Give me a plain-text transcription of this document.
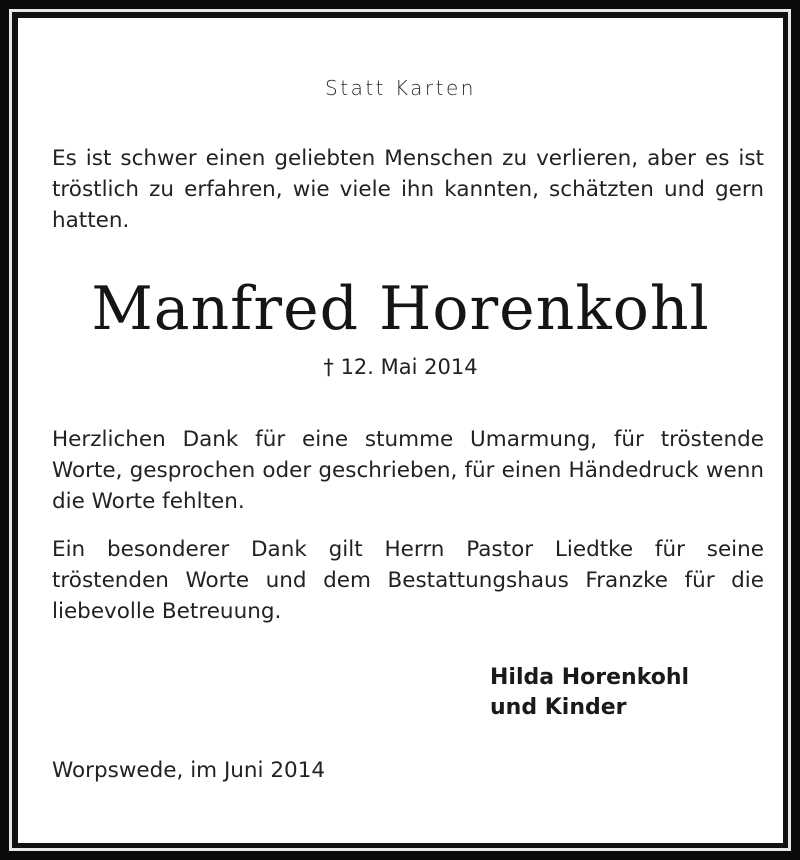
Statt Karten
Es ist schwer einen geliebten Menschen zu verlieren, aber es ist tröstlich zu erfahren, wie viele ihn kannten, schätzten und gern hatten.
Manfred Horenkohl
† 12. Mai 2014
Herzlichen Dank für eine stumme Umarmung, für tröstende Worte, gesprochen oder geschrieben, für einen Händedruck wenn die Worte fehlten.
Ein besonderer Dank gilt Herrn Pastor Liedtke für seine tröstenden Worte und dem Bestattungshaus Franzke für die liebevolle Betreuung.
Hilda Horenkohl
und Kinder
Worpswede, im Juni 2014
